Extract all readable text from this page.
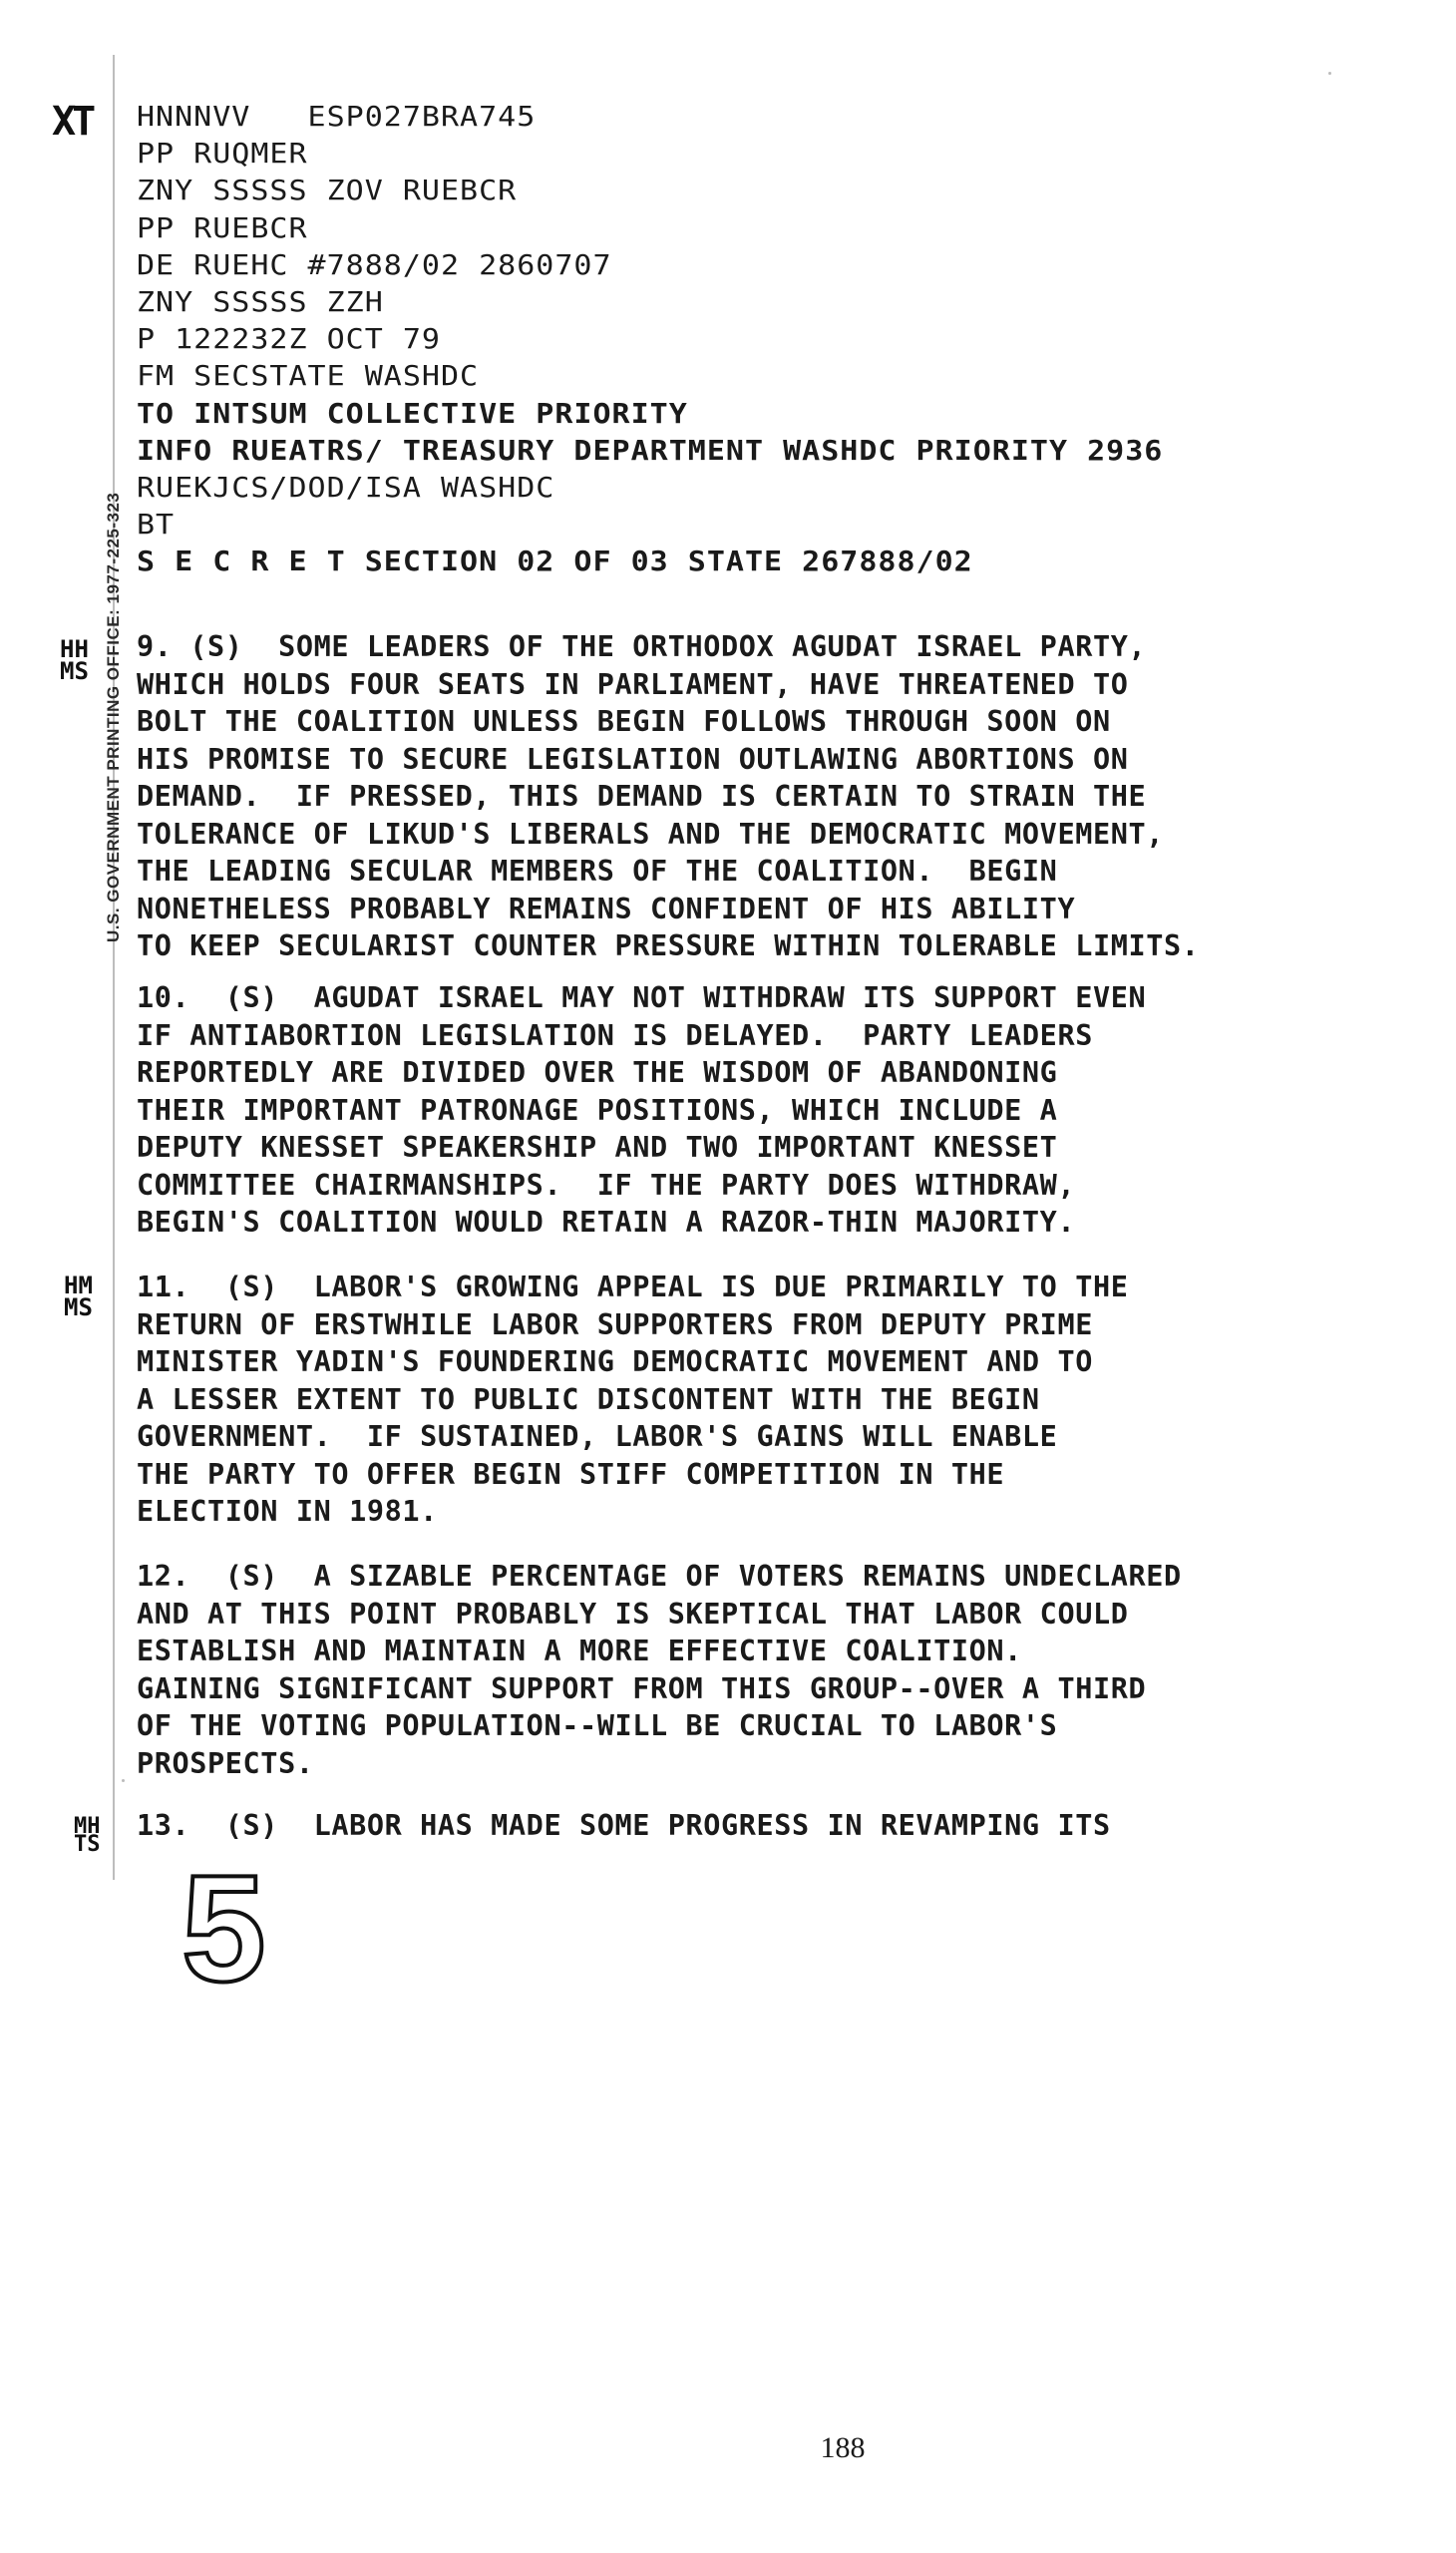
U.S. GOVERNMENT PRINTING OFFICE: 1977-225-323
XT
HH
MS
HM
MS
MH
TS
HNNNVV   ESP027BRA745
PP RUQMER
ZNY SSSSS ZOV RUEBCR
PP RUEBCR
DE RUEHC #7888/02 2860707
ZNY SSSSS ZZH
P 122232Z OCT 79
FM SECSTATE WASHDC
TO INTSUM COLLECTIVE PRIORITY
INFO RUEATRS/ TREASURY DEPARTMENT WASHDC PRIORITY 2936
RUEKJCS/DOD/ISA WASHDC
BT
S E C R E T SECTION 02 OF 03 STATE 267888/02
9. (S)  SOME LEADERS OF THE ORTHODOX AGUDAT ISRAEL PARTY,
WHICH HOLDS FOUR SEATS IN PARLIAMENT, HAVE THREATENED TO
BOLT THE COALITION UNLESS BEGIN FOLLOWS THROUGH SOON ON
HIS PROMISE TO SECURE LEGISLATION OUTLAWING ABORTIONS ON
DEMAND.  IF PRESSED, THIS DEMAND IS CERTAIN TO STRAIN THE
TOLERANCE OF LIKUD'S LIBERALS AND THE DEMOCRATIC MOVEMENT,
THE LEADING SECULAR MEMBERS OF THE COALITION.  BEGIN
NONETHELESS PROBABLY REMAINS CONFIDENT OF HIS ABILITY
TO KEEP SECULARIST COUNTER PRESSURE WITHIN TOLERABLE LIMITS.
10.  (S)  AGUDAT ISRAEL MAY NOT WITHDRAW ITS SUPPORT EVEN
IF ANTIABORTION LEGISLATION IS DELAYED.  PARTY LEADERS
REPORTEDLY ARE DIVIDED OVER THE WISDOM OF ABANDONING
THEIR IMPORTANT PATRONAGE POSITIONS, WHICH INCLUDE A
DEPUTY KNESSET SPEAKERSHIP AND TWO IMPORTANT KNESSET
COMMITTEE CHAIRMANSHIPS.  IF THE PARTY DOES WITHDRAW,
BEGIN'S COALITION WOULD RETAIN A RAZOR-THIN MAJORITY.
11.  (S)  LABOR'S GROWING APPEAL IS DUE PRIMARILY TO THE
RETURN OF ERSTWHILE LABOR SUPPORTERS FROM DEPUTY PRIME
MINISTER YADIN'S FOUNDERING DEMOCRATIC MOVEMENT AND TO
A LESSER EXTENT TO PUBLIC DISCONTENT WITH THE BEGIN
GOVERNMENT.  IF SUSTAINED, LABOR'S GAINS WILL ENABLE
THE PARTY TO OFFER BEGIN STIFF COMPETITION IN THE
ELECTION IN 1981.
12.  (S)  A SIZABLE PERCENTAGE OF VOTERS REMAINS UNDECLARED
AND AT THIS POINT PROBABLY IS SKEPTICAL THAT LABOR COULD
ESTABLISH AND MAINTAIN A MORE EFFECTIVE COALITION.
GAINING SIGNIFICANT SUPPORT FROM THIS GROUP--OVER A THIRD
OF THE VOTING POPULATION--WILL BE CRUCIAL TO LABOR'S
PROSPECTS.
13.  (S)  LABOR HAS MADE SOME PROGRESS IN REVAMPING ITS
5
188
